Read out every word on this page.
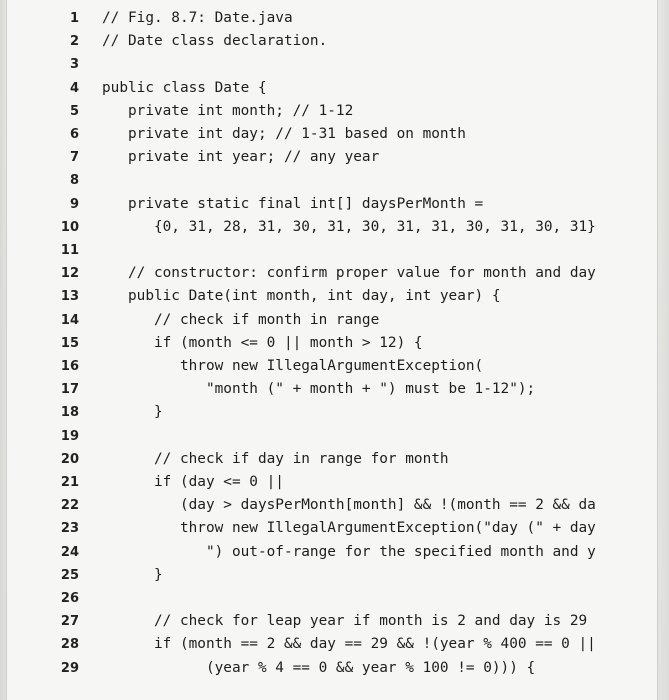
1 // Fig. 8.7: Date.java
2 // Date class declaration.
3
4 public class Date {
5 private int month; // 1-12
6 private int day; // 1-31 based on month
7 private int year; // any year
8
9 private static final int[] daysPerMonth =
10 {0, 31, 28, 31, 30, 31, 30, 31, 31, 30, 31, 30, 31}
11
12 // constructor: confirm proper value for month and day
13 public Date(int month, int day, int year) {
14 // check if month in range
15 if (month <= 0 || month > 12) {
16 throw new IllegalArgumentException(
17 "month (" + month + ") must be 1-12");
18 }
19
20 // check if day in range for month
21 if (day <= 0 ||
22 (day > daysPerMonth[month] && !(month == 2 && da
23 throw new IllegalArgumentException("day (" + day
24 ") out-of-range for the specified month and y
25 }
26
27 // check for leap year if month is 2 and day is 29
28 if (month == 2 && day == 29 && !(year % 400 == 0 ||
29 (year % 4 == 0 && year % 100 != 0))) {
